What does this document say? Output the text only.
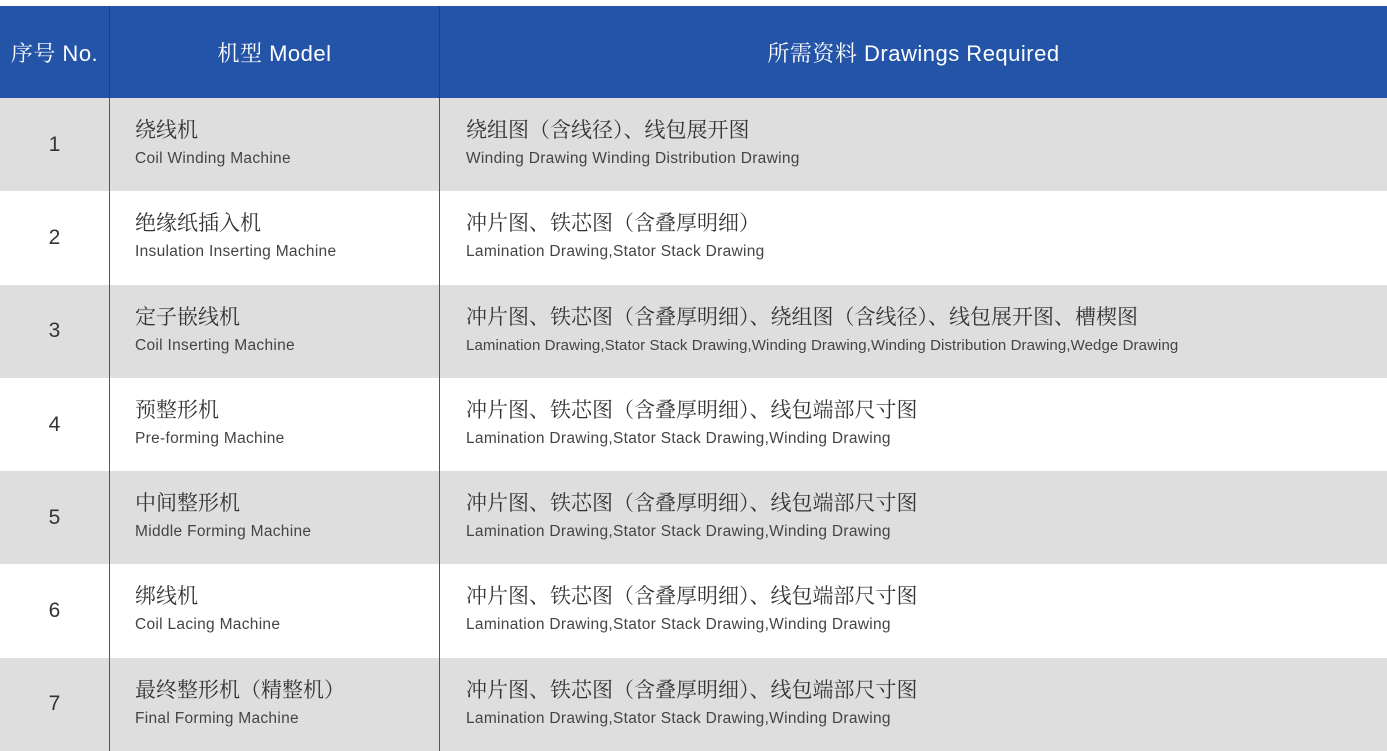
序号 No.	机型 Model	所需资料 Drawings Required
1
绕线机
Coil Winding Machine
绕组图（含线径）、线包展开图
Winding Drawing Winding Distribution Drawing
2
绝缘纸插入机
Insulation Inserting Machine
冲片图、铁芯图（含叠厚明细）
Lamination Drawing,Stator Stack Drawing
3
定子嵌线机
Coil Inserting Machine
冲片图、铁芯图（含叠厚明细）、绕组图（含线径）、线包展开图、槽楔图
Lamination Drawing,Stator Stack Drawing,Winding Drawing,Winding Distribution Drawing,Wedge Drawing
4
预整形机
Pre-forming Machine
冲片图、铁芯图（含叠厚明细）、线包端部尺寸图
Lamination Drawing,Stator Stack Drawing,Winding Drawing
5
中间整形机
Middle Forming Machine
冲片图、铁芯图（含叠厚明细）、线包端部尺寸图
Lamination Drawing,Stator Stack Drawing,Winding Drawing
6
绑线机
Coil Lacing Machine
冲片图、铁芯图（含叠厚明细）、线包端部尺寸图
Lamination Drawing,Stator Stack Drawing,Winding Drawing
7
最终整形机（精整机）
Final Forming Machine
冲片图、铁芯图（含叠厚明细）、线包端部尺寸图
Lamination Drawing,Stator Stack Drawing,Winding Drawing
